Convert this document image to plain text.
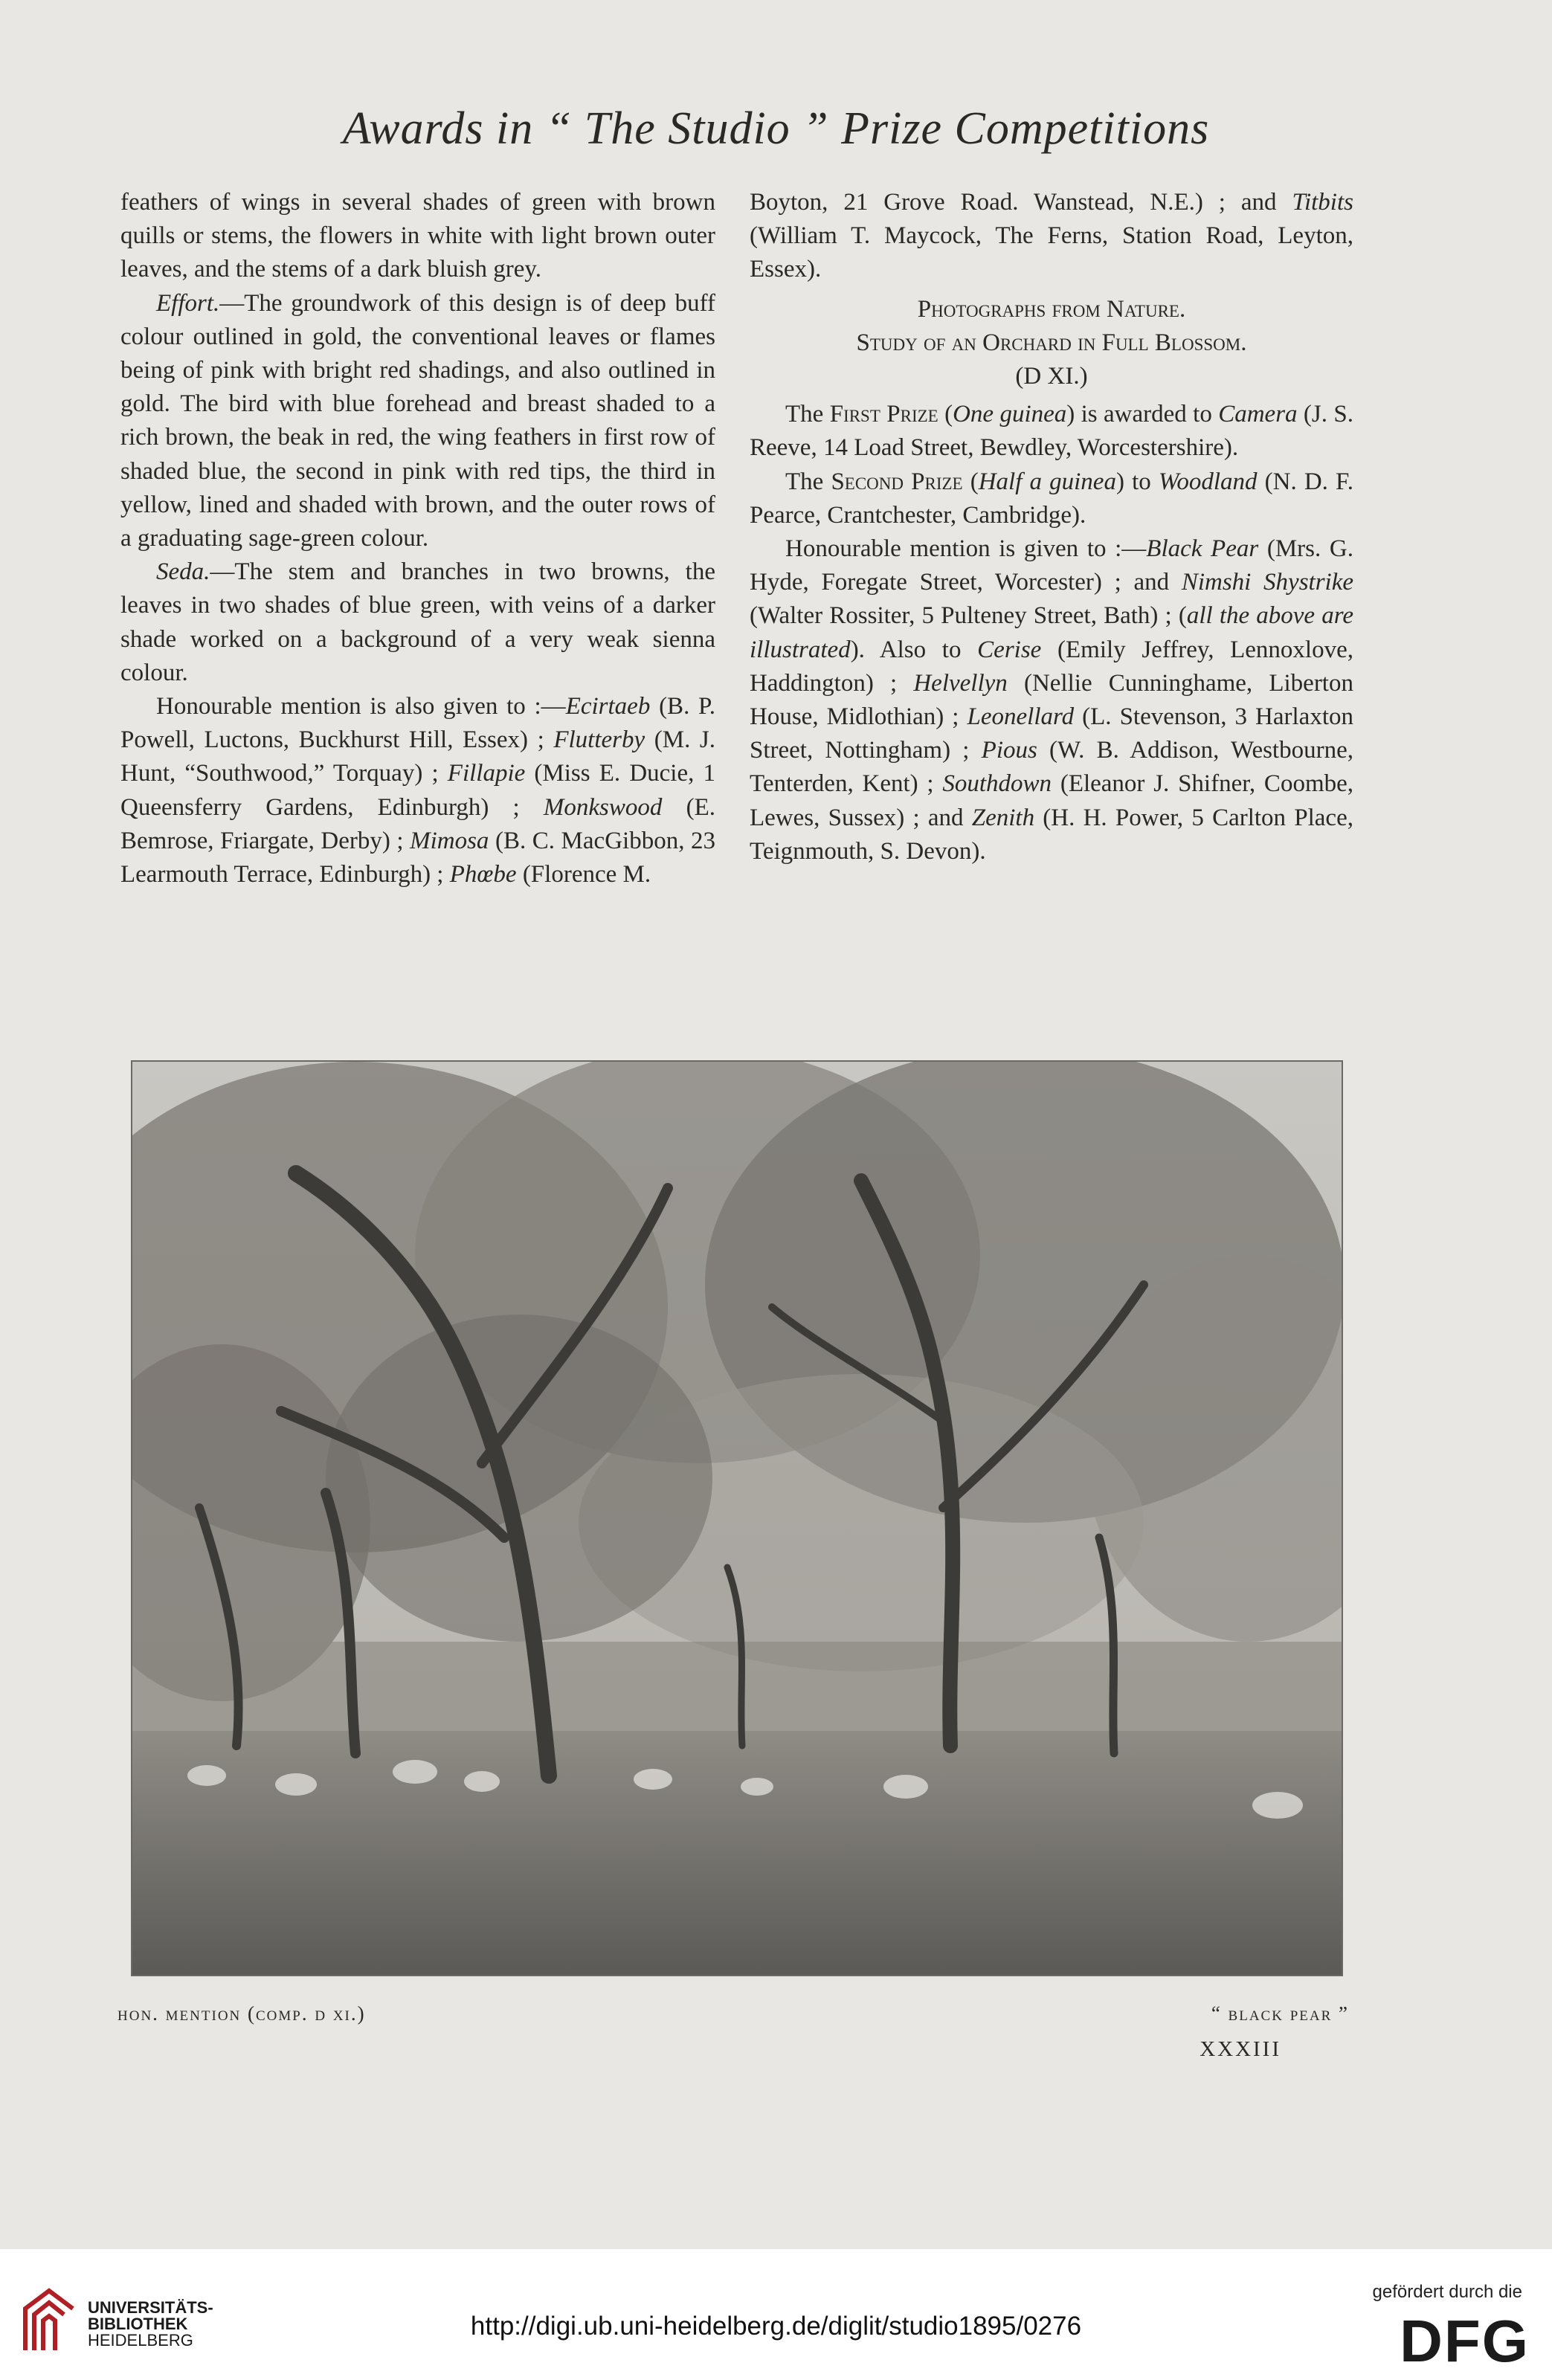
Awards in “ The Studio ” Prize Competitions

feathers of wings in several shades of green with brown quills or stems, the flowers in white with light brown outer leaves, and the stems of a dark bluish grey.

Effort.—The groundwork of this design is of deep buff colour outlined in gold, the conventional leaves or flames being of pink with bright red shadings, and also outlined in gold. The bird with blue forehead and breast shaded to a rich brown, the beak in red, the wing feathers in first row of shaded blue, the second in pink with red tips, the third in yellow, lined and shaded with brown, and the outer rows of a graduating sage-green colour.

Seda.—The stem and branches in two browns, the leaves in two shades of blue green, with veins of a darker shade worked on a background of a very weak sienna colour.

Honourable mention is also given to :—Ecirtaeb (B. P. Powell, Luctons, Buckhurst Hill, Essex) ; Flutterby (M. J. Hunt, “Southwood,” Torquay) ; Fillapie (Miss E. Ducie, 1 Queensferry Gardens, Edinburgh) ; Monkswood (E. Bemrose, Friargate, Derby) ; Mimosa (B. C. MacGibbon, 23 Learmouth Terrace, Edinburgh) ; Phœbe (Florence M.

Boyton, 21 Grove Road. Wanstead, N.E.) ; and Titbits (William T. Maycock, The Ferns, Station Road, Leyton, Essex).

Photographs from Nature.

Study of an Orchard in Full Blossom.

(D XI.)

The First Prize (One guinea) is awarded to Camera (J. S. Reeve, 14 Load Street, Bewdley, Worcestershire).

The Second Prize (Half a guinea) to Woodland (N. D. F. Pearce, Crantchester, Cambridge).

Honourable mention is given to :—Black Pear (Mrs. G. Hyde, Foregate Street, Worcester) ; and Nimshi Shystrike (Walter Rossiter, 5 Pulteney Street, Bath) ; (all the above are illustrated). Also to Cerise (Emily Jeffrey, Lennoxlove, Haddington) ; Helvellyn (Nellie Cunninghame, Liberton House, Midlothian) ; Leonellard (L. Stevenson, 3 Harlaxton Street, Nottingham) ; Pious (W. B. Addison, Westbourne, Tenterden, Kent) ; Southdown (Eleanor J. Shifner, Coombe, Lewes, Sussex) ; and Zenith (H. H. Power, 5 Carlton Place, Teignmouth, S. Devon).

hon. mention (comp. d xi.)	“ black pear ”
XXXIII
UNIVERSITÄTS-
BIBLIOTHEK
HEIDELBERG	http://digi.ub.uni-heidelberg.de/diglit/studio1895/0276
gefördert durch die
DFG
